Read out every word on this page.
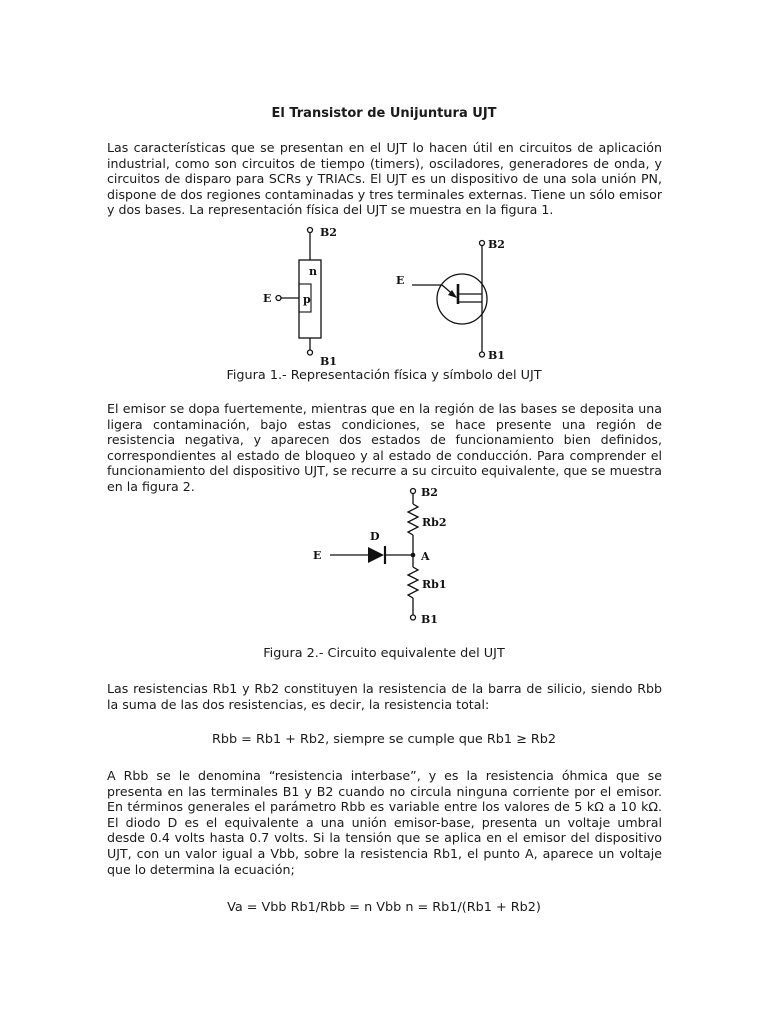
El Transistor de Unijuntura UJT

Las características que se presentan en el UJT lo hacen útil en circuitos de aplicación industrial, como son circuitos de tiempo (timers), osciladores, generadores de onda, y circuitos de disparo para SCRs y TRIACs. El UJT es un dispositivo de una sola unión PN, dispone de dos regiones contaminadas y tres terminales externas. Tiene un sólo emisor y dos bases. La representación física del UJT se muestra en la figura 1.

B2
B1
E
n
p
B2
B1
E
Figura 1.- Representación física y símbolo del UJT

El emisor se dopa fuertemente, mientras que en la región de las bases se deposita una ligera contaminación, bajo estas condiciones, se hace presente una región de resistencia negativa, y aparecen dos estados de funcionamiento bien definidos, correspondientes al estado de bloqueo y al estado de conducción. Para comprender el funcionamiento del dispositivo UJT, se recurre a su circuito equivalente, que se muestra en la figura 2.	B2
Rb2
D
E	A
Rb1
B1
Figura 2.- Circuito equivalente del UJT

Las resistencias Rb1 y Rb2 constituyen la resistencia de la barra de silicio, siendo Rbb la suma de las dos resistencias, es decir, la resistencia total:

Rbb = Rb1 + Rb2, siempre se cumple que Rb1 ≥ Rb2

A Rbb se le denomina “resistencia interbase”, y es la resistencia óhmica que se presenta en las terminales B1 y B2 cuando no circula ninguna corriente por el emisor. En términos generales el parámetro Rbb es variable entre los valores de 5 kΩ a 10 kΩ. El diodo D es el equivalente a una unión emisor-base, presenta un voltaje umbral desde 0.4 volts hasta 0.7 volts. Si la tensión que se aplica en el emisor del dispositivo UJT, con un valor igual a Vbb, sobre la resistencia Rb1, el punto A, aparece un voltaje que lo determina la ecuación;

Va = Vbb Rb1/Rbb = n Vbb n = Rb1/(Rb1 + Rb2)
